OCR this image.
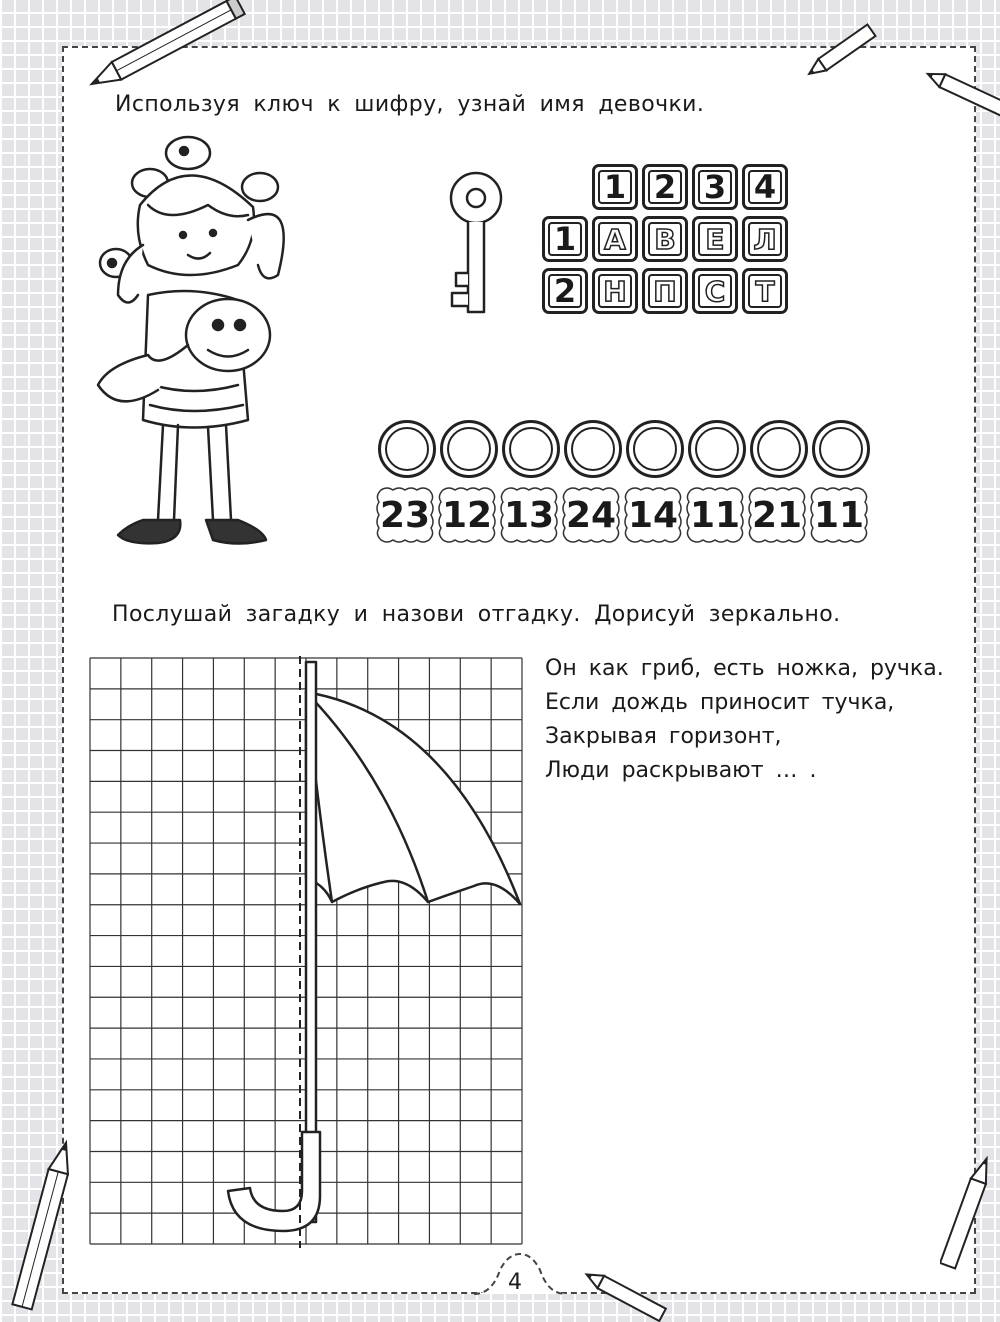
Используя ключ к шифру, узнай имя девочки.
1 2 3 4
1 А В Е Л
2 Н П С Т
23 12 13 24 14 11 21 11
Послушай загадку и назови отгадку. Дорисуй зеркально.
Он как гриб, есть ножка, ручка.
Если дождь приносит тучка,
Закрывая горизонт,
Люди раскрывают … .
4
